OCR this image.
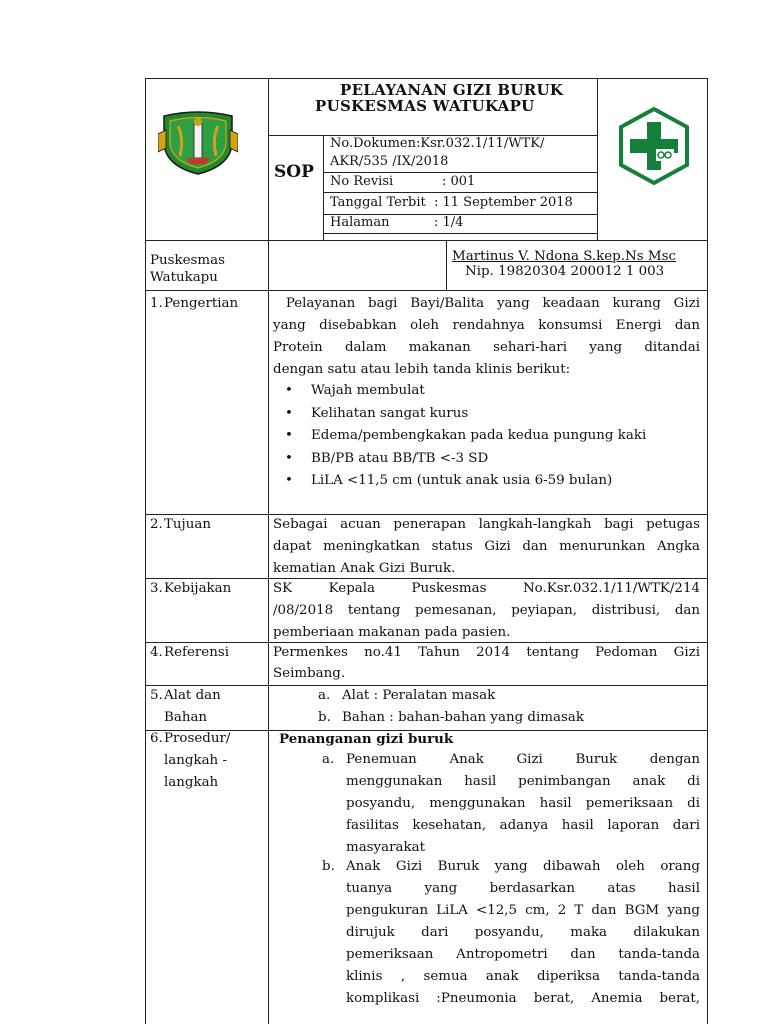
PELAYANAN GIZI BURUK
PUSKESMAS WATUKAPU
SOP
No.Dokumen:Ksr.032.1/11/WTK/
AKR/535 /IX/2018
No Revisi	: 001
Tanggal Terbit : 11 September 2018
Halaman	: 1/4
Puskesmas
Watukapu
Martinus V. Ndona S.kep.Ns Msc
Nip. 19820304 200012 1 003
1.Pengertian	Pelayanan bagi Bayi/Balita yang keadaan kurang Gizi

yang disebabkan oleh rendahnya konsumsi Energi dan

Protein dalam makanan sehari-hari yang ditandai

dengan satu atau lebih tanda klinis berikut:

• Wajah membulat
• Kelihatan sangat kurus
• Edema/pembengkakan pada kedua pungung kaki
• BB/PB atau BB/TB <-3 SD
• LiLA <11,5 cm (untuk anak usia 6-59 bulan)
2.Tujuan	Sebagai acuan penerapan langkah-langkah bagi petugas

dapat meningkatkan status Gizi dan menurunkan Angka

kematian Anak Gizi Buruk.

3.Kebijakan	SK Kepala Puskesmas No.Ksr.032.1/11/WTK/214

/08/2018 tentang pemesanan, peyiapan, distribusi, dan

pemberiaan makanan pada pasien.

4.Referensi	Permenkes no.41 Tahun 2014 tentang Pedoman Gizi

Seimbang.

5.Alat dan
Bahan
a. Alat : Peralatan masak
b. Bahan : bahan-bahan yang dimasak
6.Prosedur/
langkah -
langkah
Penanganan gizi buruk
a. Penemuan Anak Gizi Buruk dengan
menggunakan hasil penimbangan anak di
posyandu, menggunakan hasil pemeriksaan di
fasilitas kesehatan, adanya hasil laporan dari
masyarakat
b. Anak Gizi Buruk yang dibawah oleh orang
tuanya yang berdasarkan atas hasil
pengukuran LiLA <12,5 cm, 2 T dan BGM yang
dirujuk dari posyandu, maka dilakukan
pemeriksaan Antropometri dan tanda-tanda
klinis , semua anak diperiksa tanda-tanda
komplikasi :Pneumonia berat, Anemia berat,
